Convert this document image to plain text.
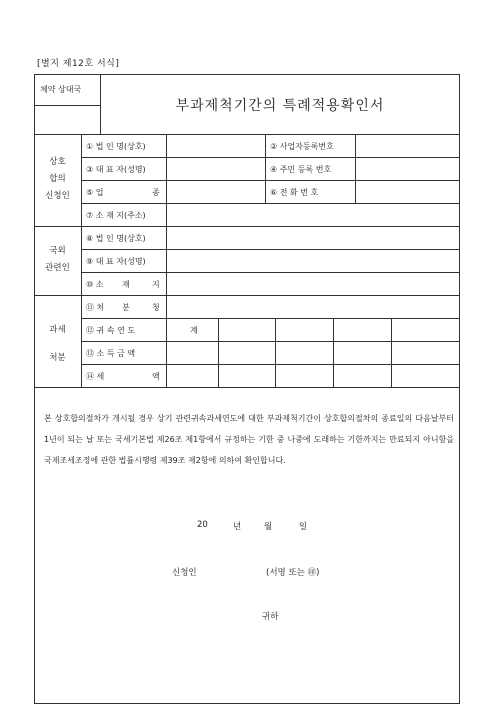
[별지 제12호 서식]
체약 상대국
부과제척기간의 특례적용확인서
상호
합의
신청인
국외
관련인
과세
처분
① 법 인 명(상호)	② 사업자등록번호
③ 대 표 자(성명)	④ 주민 등록 번호
⑤ 업	종	⑥ 전 화 번 호
⑦ 소 재 지(주소)
⑧ 법 인 명(상호)
⑨ 대 표 자(성명)
⑩ 소 재	지
⑪ 처 분	청
⑫ 귀 속 연 도	계
⑬ 소 득 금 액
⑭ 세	액
본 상호합의절차가 개시될 경우 상기 관련귀속과세연도에 대한 부과제척기간이 상호합의절차의 종료일의 다음날부터 1년이 되는 날 또는 국세기본법 제26조 제1항에서 규정하는 기한 중 나중에 도래하는 기한까지는 만료되지 아니함을 국제조세조정에 관한 법률시행령 제39조 제2항에 의하여 확인합니다.
20	년	월	일
신청인	(서명 또는 ㊞)
귀하
